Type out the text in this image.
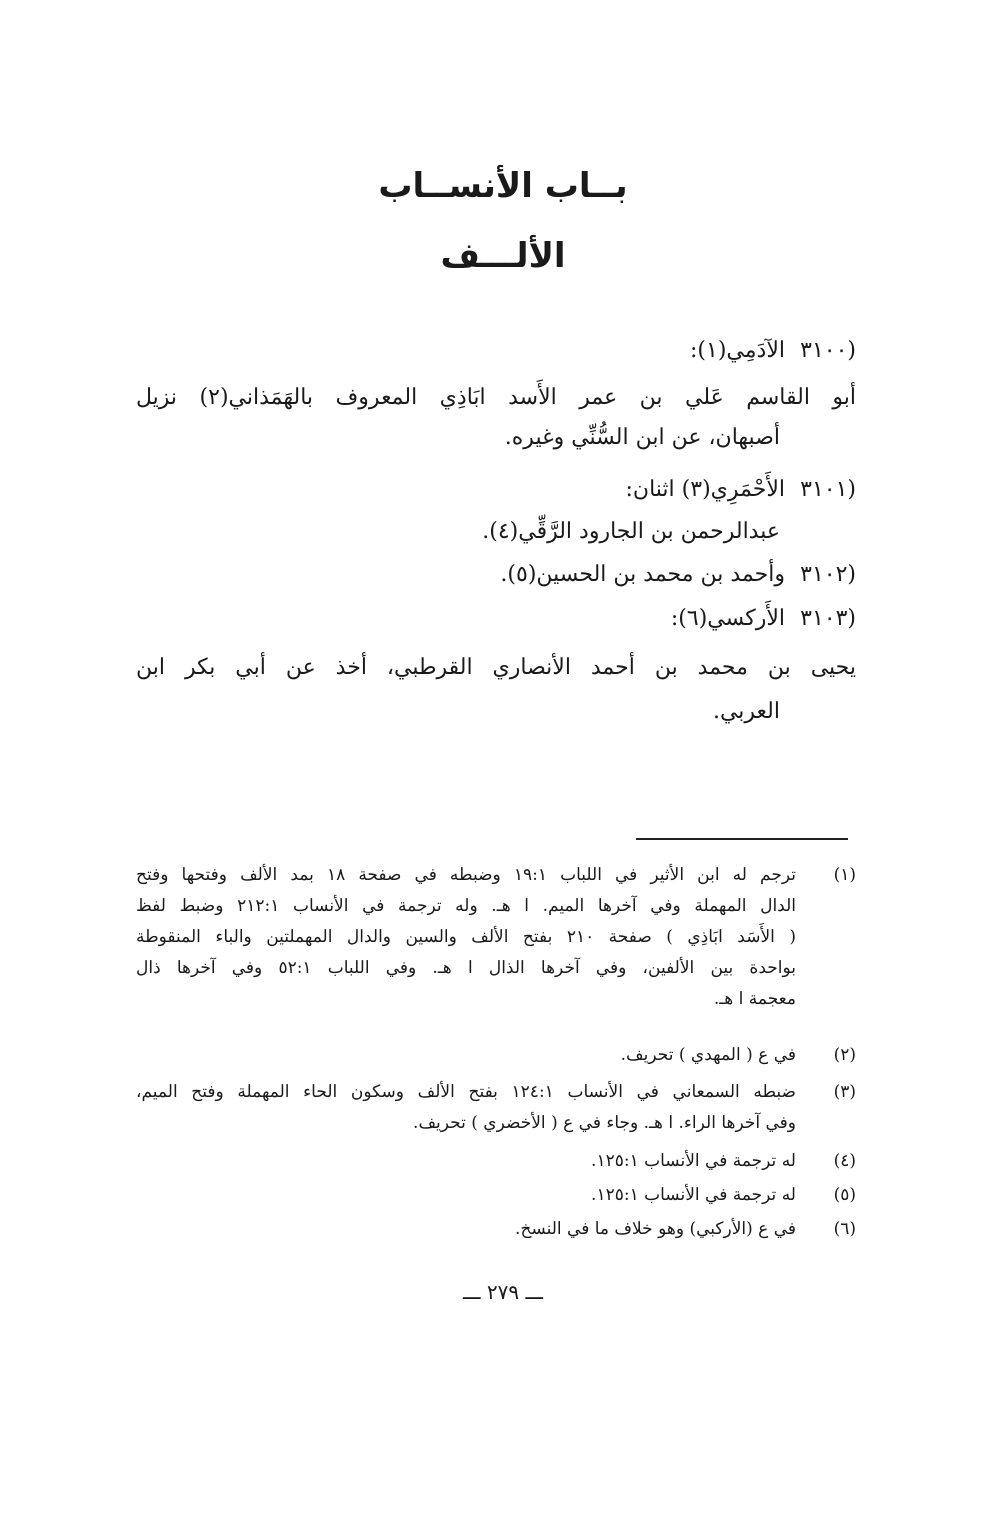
بــاب الأنســاب
الألـــف
(٣١٠٠ الآدَمِي(١):
أبو القاسم عَلي بن عمر الأَسد ابَاذِي المعروف بالهَمَذاني(٢) نزيل
أصبهان، عن ابن السُّنِّي وغيره.
(٣١٠١ الأَحْمَرِي(٣) اثنان:
عبدالرحمن بن الجارود الرَّقِّي(٤).
(٣١٠٢ وأحمد بن محمد بن الحسين(٥).
(٣١٠٣ الأَركسي(٦):
يحيى بن محمد بن أحمد الأنصاري القرطبي، أخذ عن أبي بكر ابن
العربي.
(١)
ترجم له ابن الأثير في اللباب ١٩:١ وضبطه في صفحة ١٨ بمد الألف وفتحها وفتح
الدال المهملة وفي آخرها الميم. ا هـ. وله ترجمة في الأنساب ٢١٢:١ وضبط لفظ
( الأَسَد ابَاذِي ) صفحة ٢١٠ بفتح الألف والسين والدال المهملتين والباء المنقوطة
بواحدة بين الألفين، وفي آخرها الذال ا هـ. وفي اللباب ٥٢:١ وفي آخرها ذال
معجمة ا هـ.
(٢)
في ع ( المهدي ) تحريف.
(٣)
ضبطه السمعاني في الأنساب ١٢٤:١ بفتح الألف وسكون الحاء المهملة وفتح الميم،
وفي آخرها الراء. ا هـ. وجاء في ع ( الأخضري ) تحريف.
(٤)
له ترجمة في الأنساب ١٢٥:١.
(٥)
له ترجمة في الأنساب ١٢٥:١.
(٦)
في ع (الأركبي) وهو خلاف ما في النسخ.
ـــ ٢٧٩ ـــ
